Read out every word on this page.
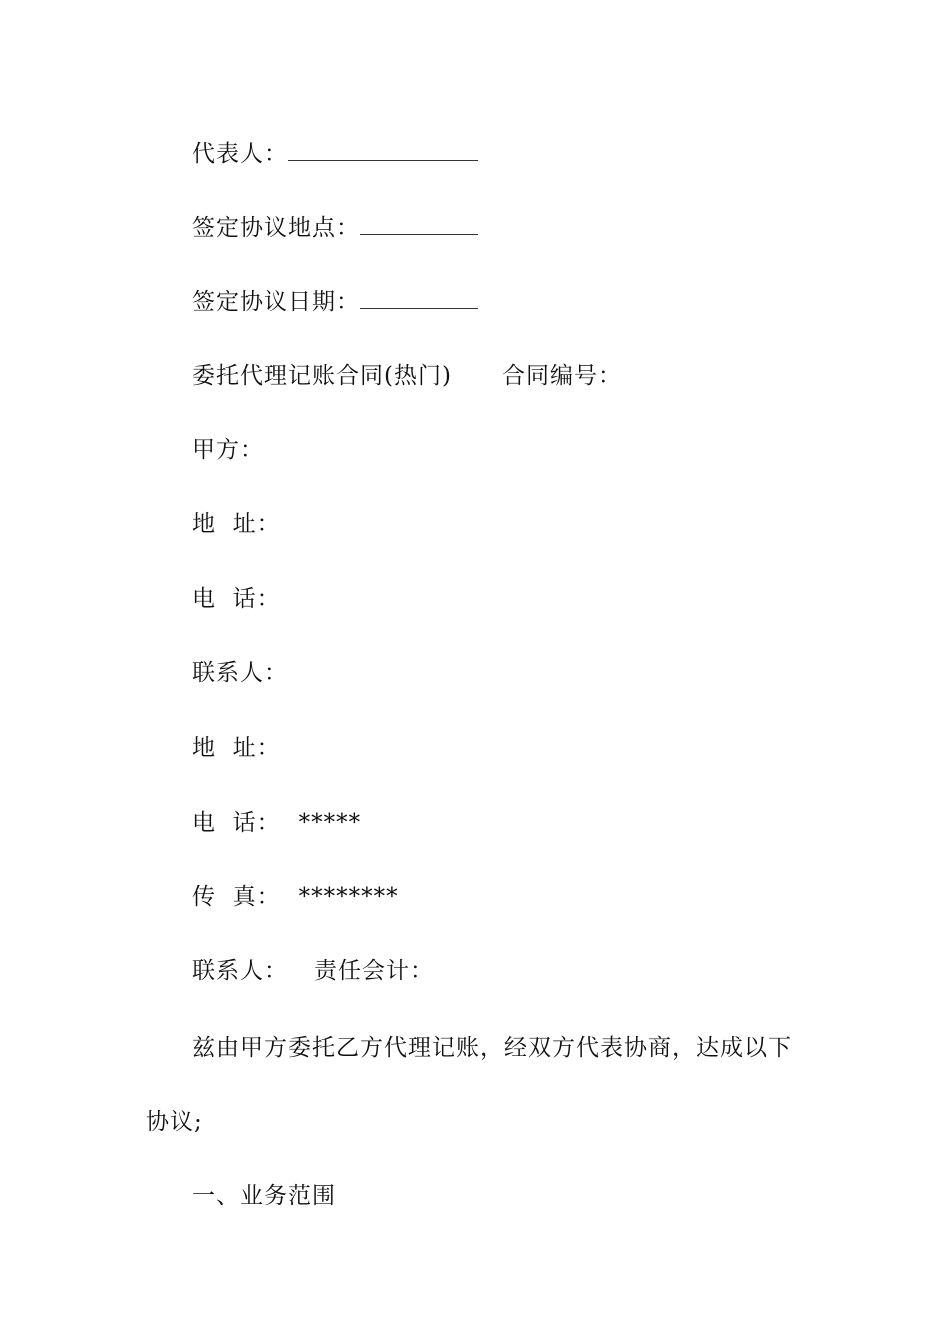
代表人：
签定协议地点：
签定协议日期：
委托代理记账合同(热门) 合同编号：
甲方：
地  址：
电  话：
联系人：
地  址：
电  话： *****
传  真： ********
联系人： 责任会计：
兹由甲方委托乙方代理记账，经双方代表协商，达成以下
协议;
一、业务范围
